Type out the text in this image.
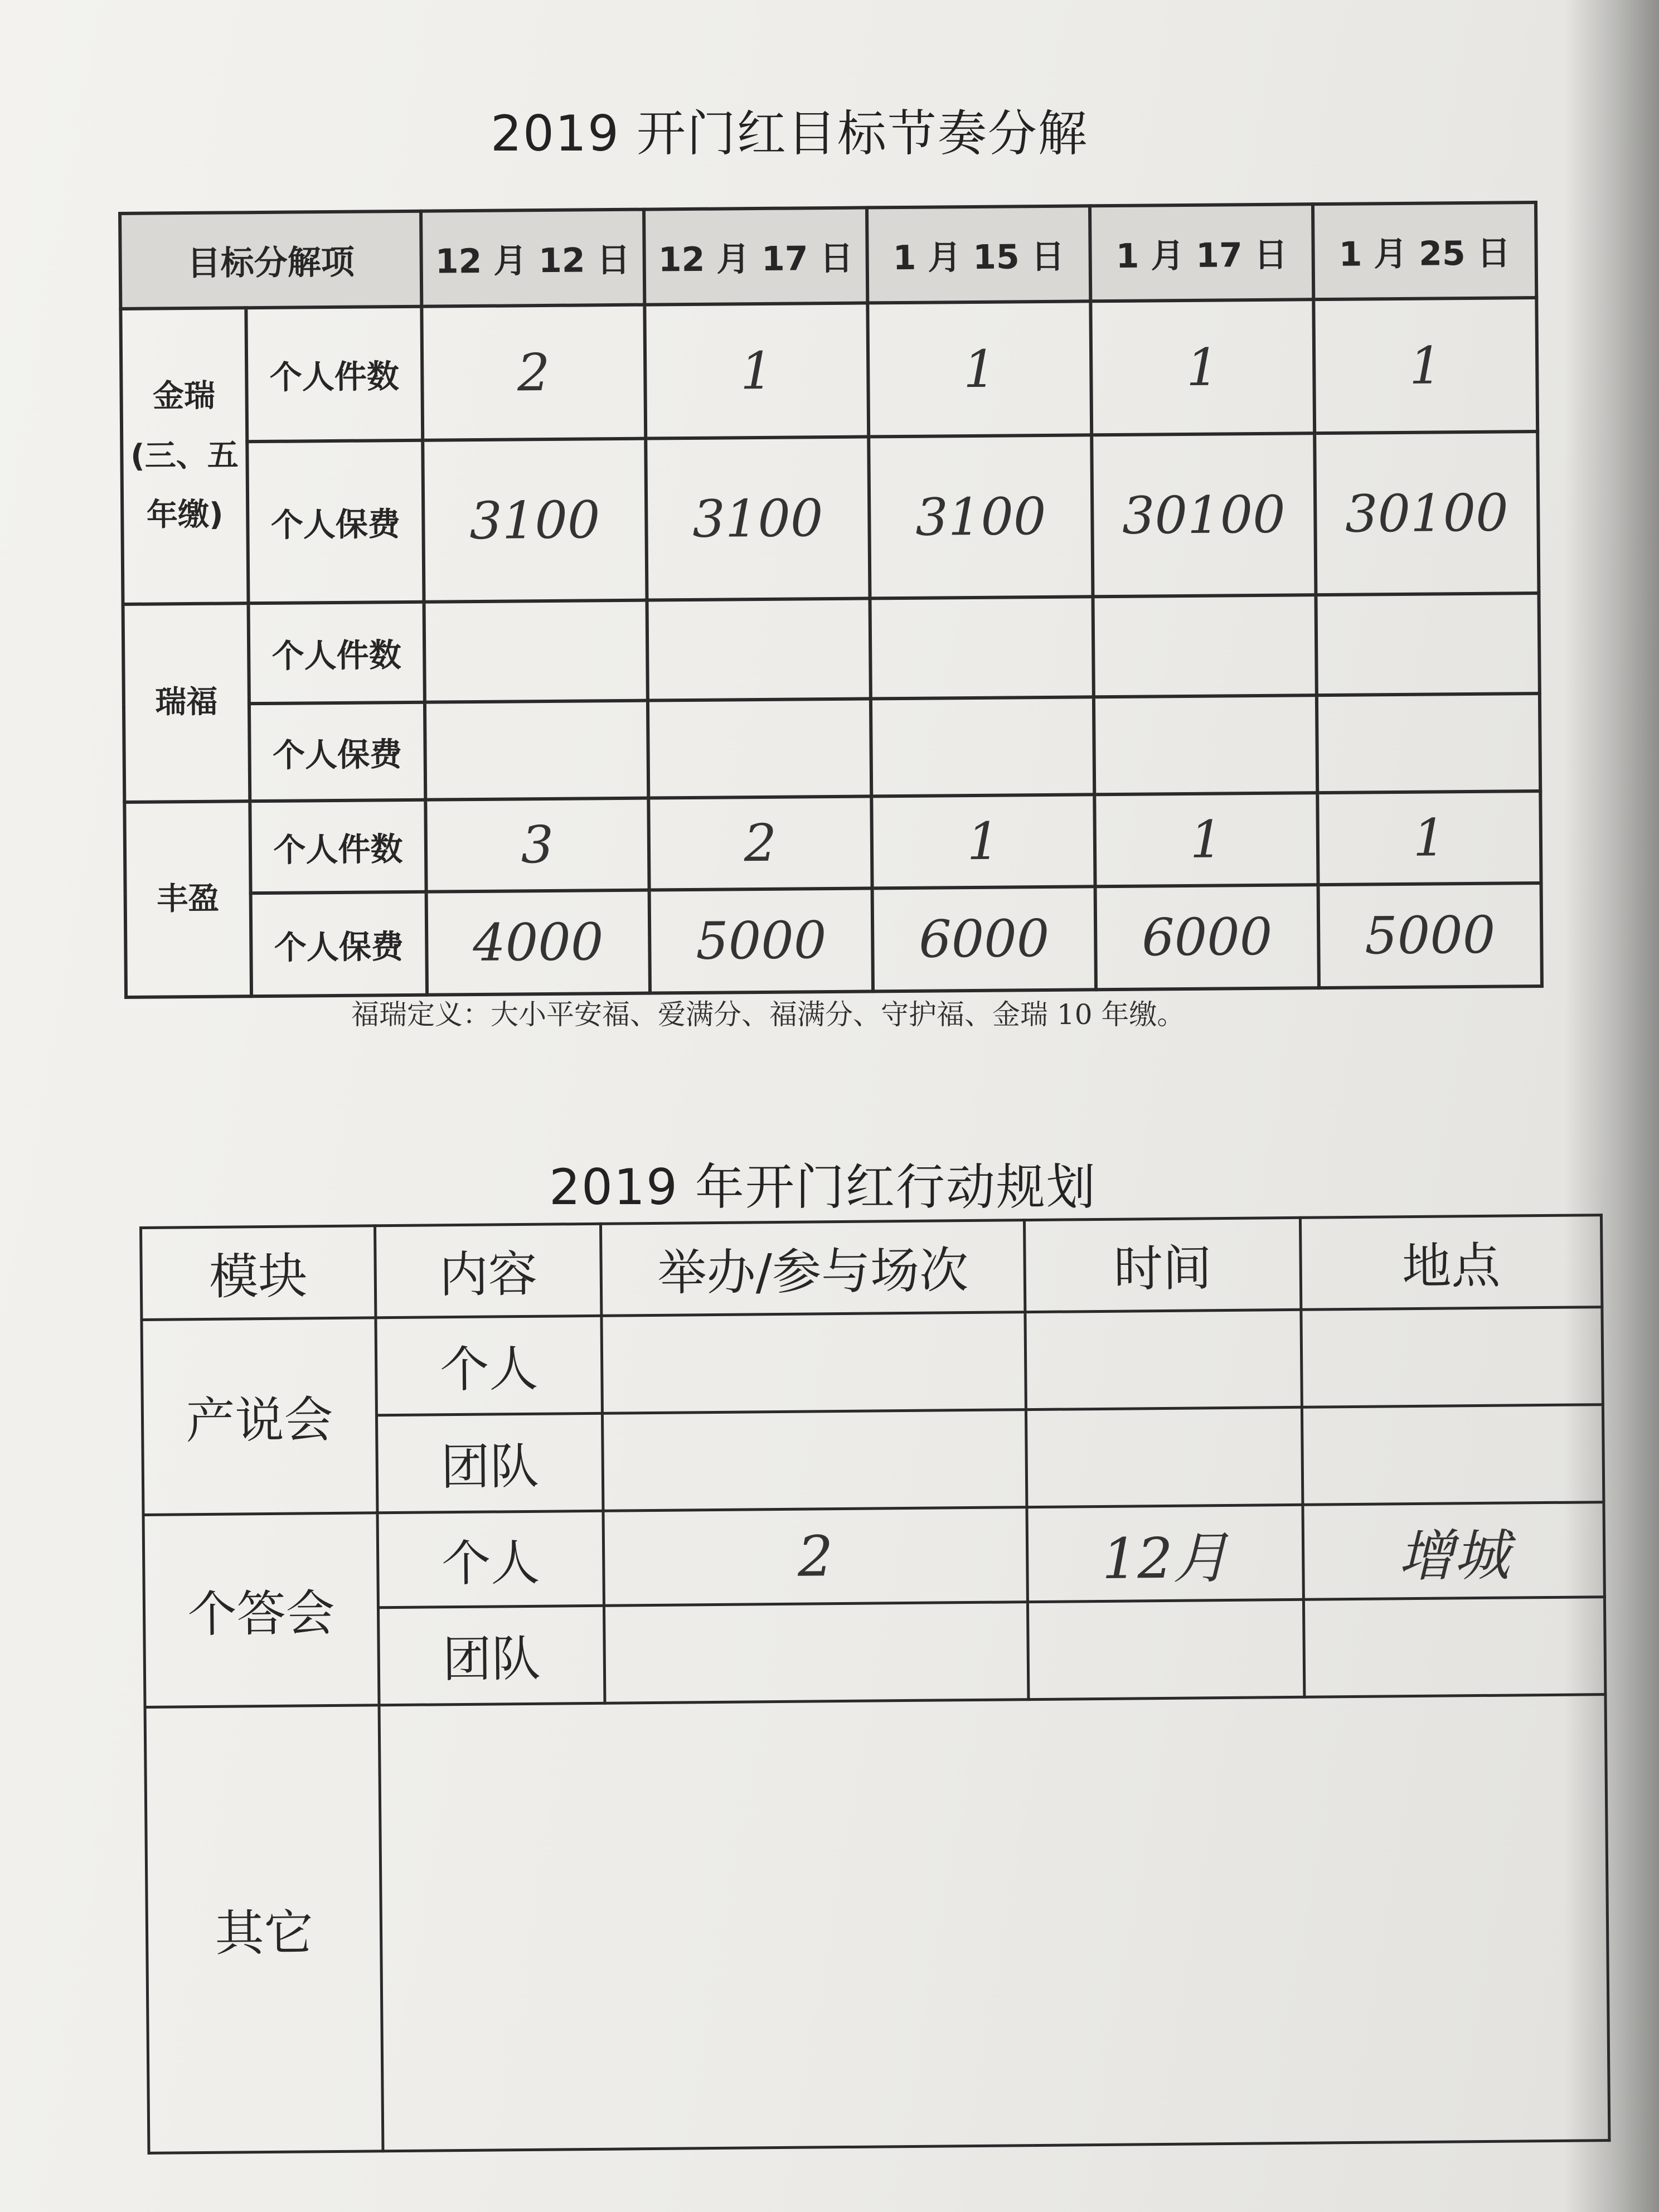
2019 开门红目标节奏分解
目标分解项		12 月 12 日	12 月 17 日	1 月 15 日	1 月 17 日	1 月 25 日

金瑞
(三、五
年缴)	个人件数	2	1	1	1	1
	个人保费	3100	3100	3100	30100	30100
瑞福	个人件数					
	个人保费					
丰盈	个人件数	3	2	1	1	1
	个人保费	4000	5000	6000	6000	5000
福瑞定义：大小平安福、爱满分、福满分、守护福、金瑞 10 年缴。
2019 年开门红行动规划
模块	内容	举办/参与场次	时间	地点
产说会	个人			
	团队			
个答会	个人	2	12月	增城
	团队			
其它				
